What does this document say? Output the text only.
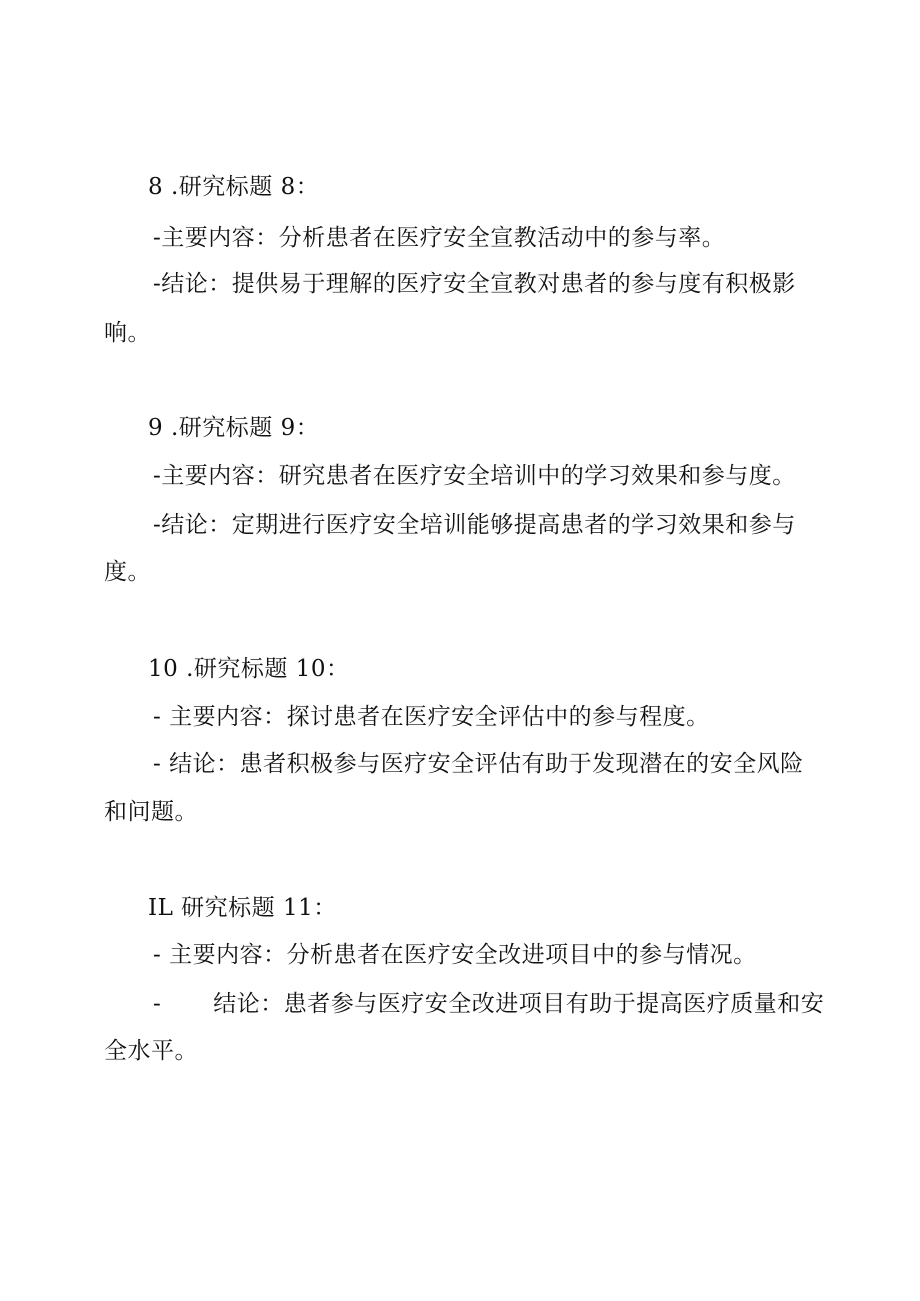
8 .研究标题 8：
-主要内容：分析患者在医疗安全宣教活动中的参与率。
-结论：提供易于理解的医疗安全宣教对患者的参与度有积极影
响。
9 .研究标题 9：
-主要内容：研究患者在医疗安全培训中的学习效果和参与度。
-结论：定期进行医疗安全培训能够提高患者的学习效果和参与
度。
10 .研究标题 10：
- 主要内容：探讨患者在医疗安全评估中的参与程度。
- 结论：患者积极参与医疗安全评估有助于发现潜在的安全风险
和问题。
IL 研究标题 11：
- 主要内容：分析患者在医疗安全改进项目中的参与情况。
- 结论：患者参与医疗安全改进项目有助于提高医疗质量和安
全水平。
